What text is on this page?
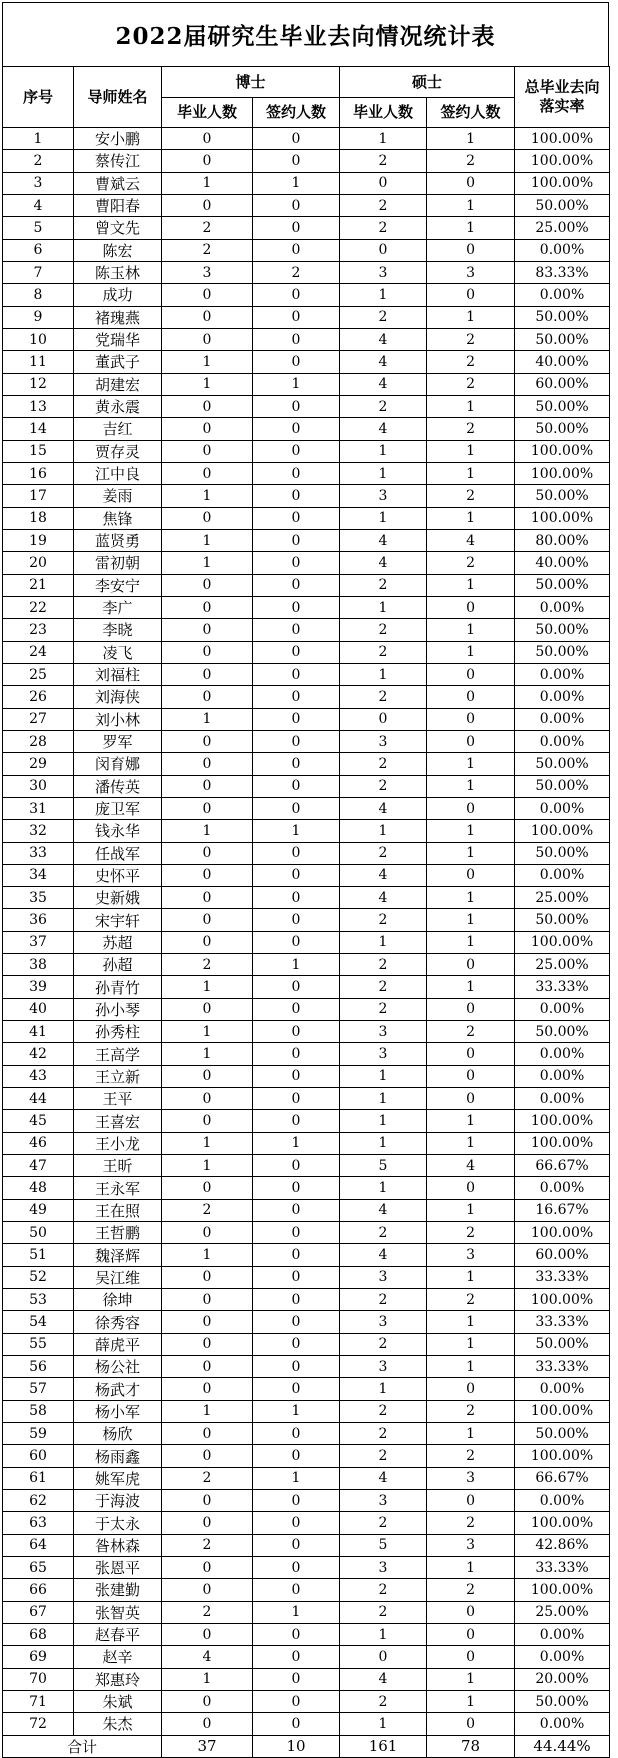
2022届研究生毕业去向情况统计表
序号	导师姓名	博士		硕士		总毕业去向
落实率
		毕业人数	签约人数	毕业人数	签约人数	
1	安小鹏	0	0	1	1	100.00%
2	蔡传江	0	0	2	2	100.00%
3	曹斌云	1	1	0	0	100.00%
4	曹阳春	0	0	2	1	50.00%
5	曾文先	2	0	2	1	25.00%
6	陈宏	2	0	0	0	0.00%
7	陈玉林	3	2	3	3	83.33%
8	成功	0	0	1	0	0.00%
9	褚瑰燕	0	0	2	1	50.00%
10	党瑞华	0	0	4	2	50.00%
11	董武子	1	0	4	2	40.00%
12	胡建宏	1	1	4	2	60.00%
13	黄永震	0	0	2	1	50.00%
14	吉红	0	0	4	2	50.00%
15	贾存灵	0	0	1	1	100.00%
16	江中良	0	0	1	1	100.00%
17	姜雨	1	0	3	2	50.00%
18	焦锋	0	0	1	1	100.00%
19	蓝贤勇	1	0	4	4	80.00%
20	雷初朝	1	0	4	2	40.00%
21	李安宁	0	0	2	1	50.00%
22	李广	0	0	1	0	0.00%
23	李晓	0	0	2	1	50.00%
24	凌飞	0	0	2	1	50.00%
25	刘福柱	0	0	1	0	0.00%
26	刘海侠	0	0	2	0	0.00%
27	刘小林	1	0	0	0	0.00%
28	罗军	0	0	3	0	0.00%
29	闵育娜	0	0	2	1	50.00%
30	潘传英	0	0	2	1	50.00%
31	庞卫军	0	0	4	0	0.00%
32	钱永华	1	1	1	1	100.00%
33	任战军	0	0	2	1	50.00%
34	史怀平	0	0	4	0	0.00%
35	史新娥	0	0	4	1	25.00%
36	宋宇轩	0	0	2	1	50.00%
37	苏超	0	0	1	1	100.00%
38	孙超	2	1	2	0	25.00%
39	孙青竹	1	0	2	1	33.33%
40	孙小琴	0	0	2	0	0.00%
41	孙秀柱	1	0	3	2	50.00%
42	王高学	1	0	3	0	0.00%
43	王立新	0	0	1	0	0.00%
44	王平	0	0	1	0	0.00%
45	王喜宏	0	0	1	1	100.00%
46	王小龙	1	1	1	1	100.00%
47	王昕	1	0	5	4	66.67%
48	王永军	0	0	1	0	0.00%
49	王在照	2	0	4	1	16.67%
50	王哲鹏	0	0	2	2	100.00%
51	魏泽辉	1	0	4	3	60.00%
52	吴江维	0	0	3	1	33.33%
53	徐坤	0	0	2	2	100.00%
54	徐秀容	0	0	3	1	33.33%
55	薛虎平	0	0	2	1	50.00%
56	杨公社	0	0	3	1	33.33%
57	杨武才	0	0	1	0	0.00%
58	杨小军	1	1	2	2	100.00%
59	杨欣	0	0	2	1	50.00%
60	杨雨鑫	0	0	2	2	100.00%
61	姚军虎	2	1	4	3	66.67%
62	于海波	0	0	3	0	0.00%
63	于太永	0	0	2	2	100.00%
64	昝林森	2	0	5	3	42.86%
65	张恩平	0	0	3	1	33.33%
66	张建勤	0	0	2	2	100.00%
67	张智英	2	1	2	0	25.00%
68	赵春平	0	0	1	0	0.00%
69	赵辛	4	0	0	0	0.00%
70	郑惠玲	1	0	4	1	20.00%
71	朱斌	0	0	2	1	50.00%
72	朱杰	0	0	1	0	0.00%
合计		37	10	161	78	44.44%
